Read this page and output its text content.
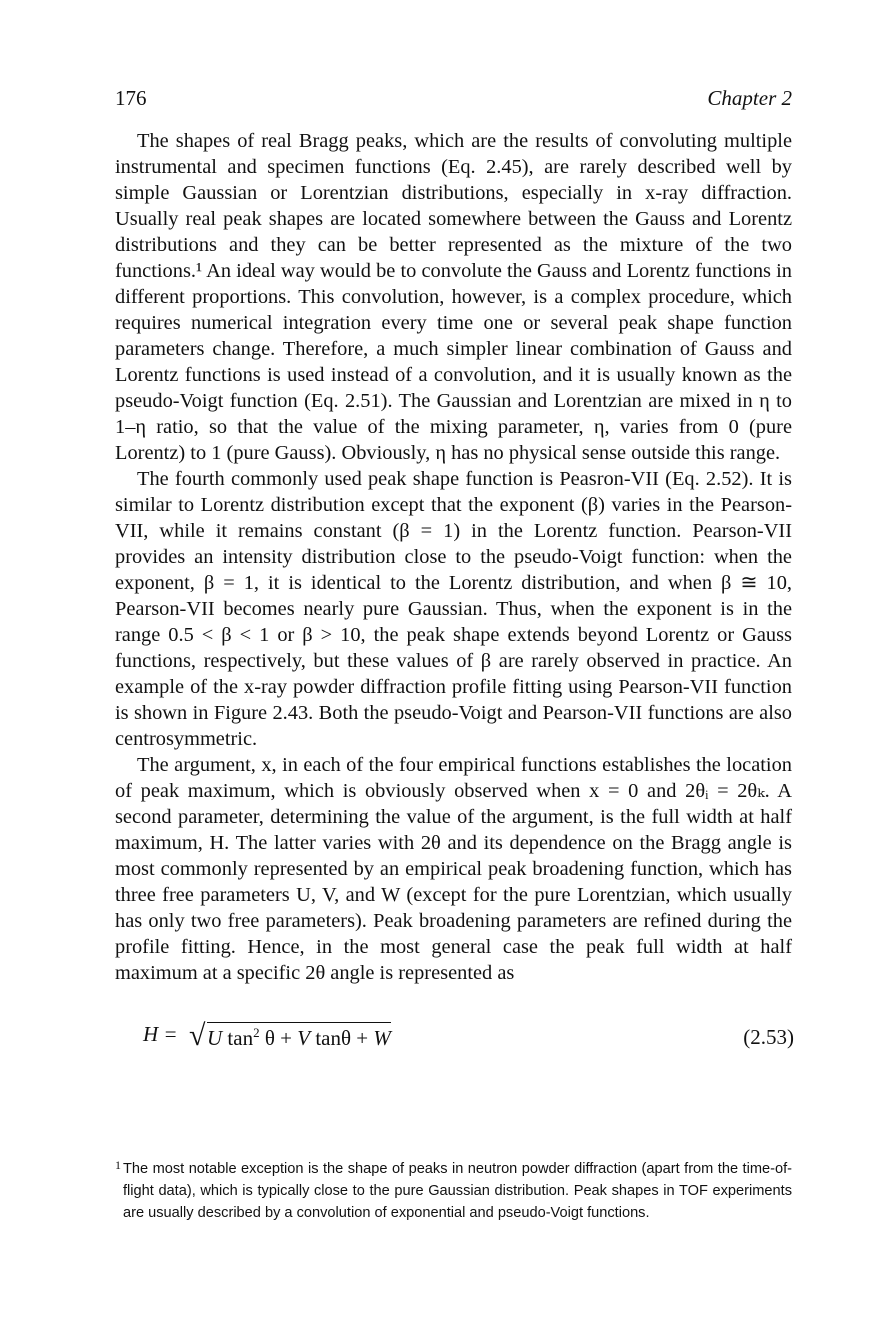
176	Chapter 2

The shapes of real Bragg peaks, which are the results of convoluting multiple instrumental and specimen functions (Eq. 2.45), are rarely described well by simple Gaussian or Lorentzian distributions, especially in x-ray diffraction. Usually real peak shapes are located somewhere between the Gauss and Lorentz distributions and they can be better represented as the mixture of the two functions.¹ An ideal way would be to convolute the Gauss and Lorentz functions in different proportions. This convolution, however, is a complex procedure, which requires numerical integration every time one or several peak shape function parameters change. Therefore, a much simpler linear combination of Gauss and Lorentz functions is used instead of a convolution, and it is usually known as the pseudo-Voigt function (Eq. 2.51). The Gaussian and Lorentzian are mixed in η to 1–η ratio, so that the value of the mixing parameter, η, varies from 0 (pure Lorentz) to 1 (pure Gauss). Obviously, η has no physical sense outside this range.

The fourth commonly used peak shape function is Peasron-VII (Eq. 2.52). It is similar to Lorentz distribution except that the exponent (β) varies in the Pearson-VII, while it remains constant (β = 1) in the Lorentz function. Pearson-VII provides an intensity distribution close to the pseudo-Voigt function: when the exponent, β = 1, it is identical to the Lorentz distribution, and when β ≅ 10, Pearson-VII becomes nearly pure Gaussian. Thus, when the exponent is in the range 0.5 < β < 1 or β > 10, the peak shape extends beyond Lorentz or Gauss functions, respectively, but these values of β are rarely observed in practice. An example of the x-ray powder diffraction profile fitting using Pearson-VII function is shown in Figure 2.43. Both the pseudo-Voigt and Pearson-VII functions are also centrosymmetric.

The argument, x, in each of the four empirical functions establishes the location of peak maximum, which is obviously observed when x = 0 and 2θᵢ = 2θₖ. A second parameter, determining the value of the argument, is the full width at half maximum, H. The latter varies with 2θ and its dependence on the Bragg angle is most commonly represented by an empirical peak broadening function, which has three free parameters U, V, and W (except for the pure Lorentzian, which usually has only two free parameters). Peak broadening parameters are refined during the profile fitting. Hence, in the most general case the peak full width at half maximum at a specific 2θ angle is represented as

H = √ U $\tan^2 \theta + V$ tanθ + W	(2.53)
1 The most notable exception is the shape of peaks in neutron powder diffraction (apart from the time-of-flight data), which is typically close to the pure Gaussian distribution. Peak shapes in TOF experiments are usually described by a convolution of exponential and pseudo-Voigt functions.
